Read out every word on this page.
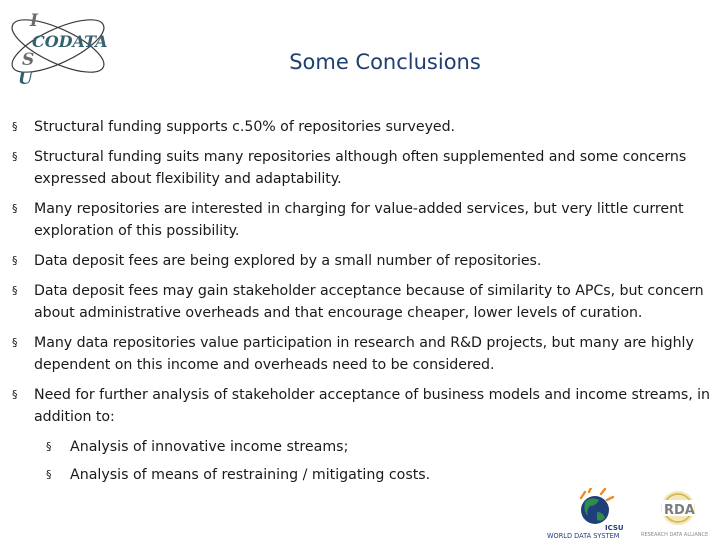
I
CODATA
S
U
Some Conclusions
§ Structural funding supports c.50% of repositories surveyed.
§ Structural funding suits many repositories although often supplemented and some concerns expressed about flexibility and adaptability.
§ Many repositories are interested in charging for value-added services, but very little current exploration of this possibility.
§ Data deposit fees are being explored by a small number of repositories.
§ Data deposit fees may gain stakeholder acceptance because of similarity to APCs, but concern about administrative overheads and that encourage cheaper, lower levels of curation.
§ Many data repositories value participation in research and R&D projects, but many are highly dependent on this income and overheads need to be considered.
§ Need for further analysis of stakeholder acceptance of business models and income streams, in addition to:
§ Analysis of innovative income streams;
§ Analysis of means of restraining / mitigating costs.
ICSU
WORLD DATA SYSTEM
RDA
RESEARCH DATA ALLIANCE
